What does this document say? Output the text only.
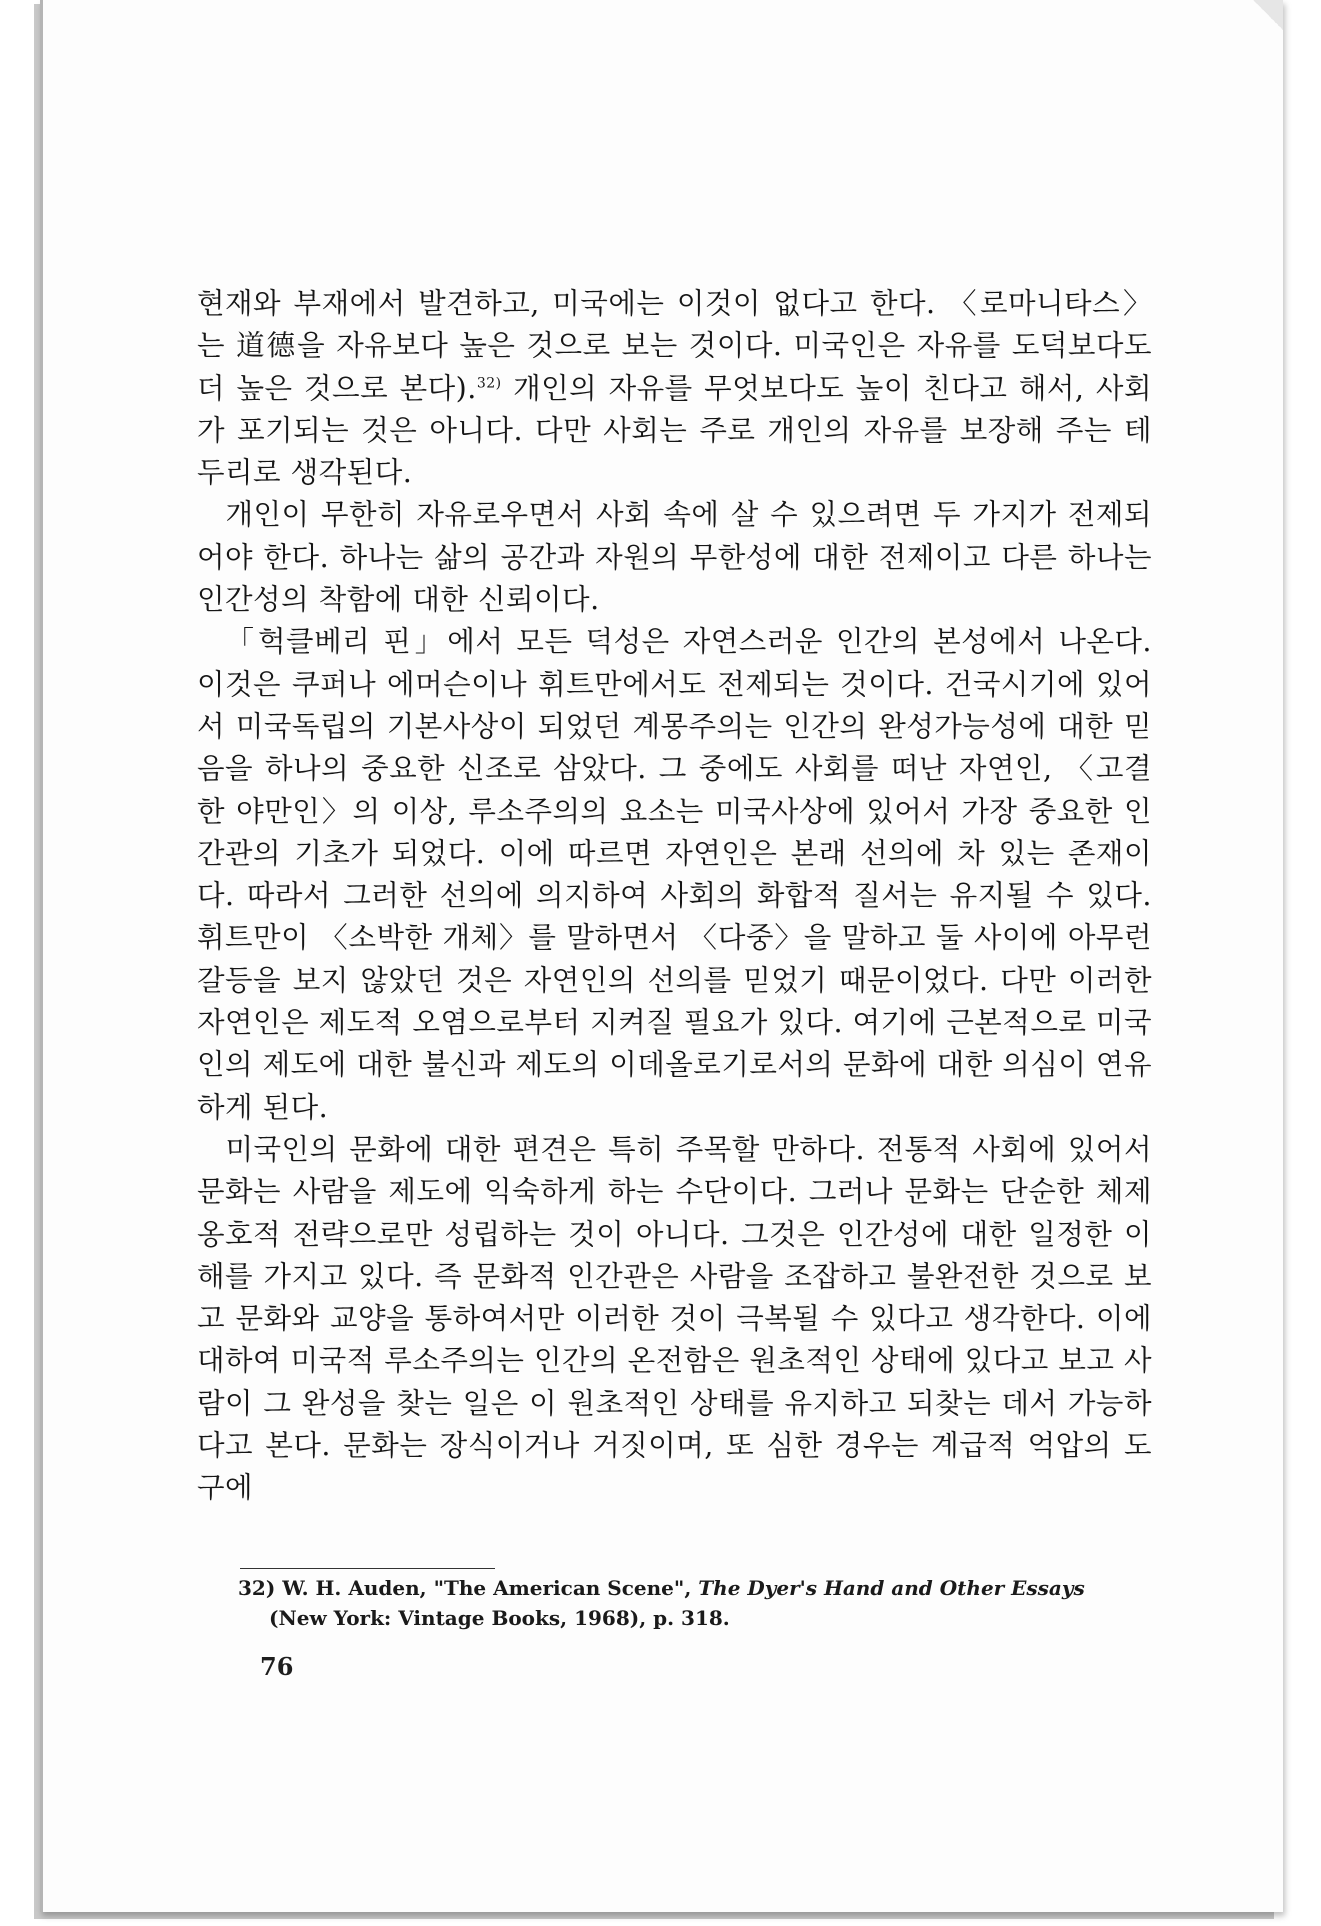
현재와 부재에서 발견하고, 미국에는 이것이 없다고 한다. 〈로마니타스〉는 道德을 자유보다 높은 것으로 보는 것이다. 미국인은 자유를 도덕보다도 더 높은 것으로 본다).$^{32)}$ 개인의 자유를 무엇보다도 높이 친다고 해서, 사회가 포기되는 것은 아니다. 다만 사회는 주로 개인의 자유를 보장해 주는 테두리로 생각된다.

개인이 무한히 자유로우면서 사회 속에 살 수 있으려면 두 가지가 전제되어야 한다. 하나는 삶의 공간과 자원의 무한성에 대한 전제이고 다른 하나는 인간성의 착함에 대한 신뢰이다.

「헉클베리 핀」에서 모든 덕성은 자연스러운 인간의 본성에서 나온다. 이것은 쿠퍼나 에머슨이나 휘트만에서도 전제되는 것이다. 건국시기에 있어서 미국독립의 기본사상이 되었던 계몽주의는 인간의 완성가능성에 대한 믿음을 하나의 중요한 신조로 삼았다. 그 중에도 사회를 떠난 자연인, 〈고결한 야만인〉의 이상, 루소주의의 요소는 미국사상에 있어서 가장 중요한 인간관의 기초가 되었다. 이에 따르면 자연인은 본래 선의에 차 있는 존재이다. 따라서 그러한 선의에 의지하여 사회의 화합적 질서는 유지될 수 있다. 휘트만이 〈소박한 개체〉를 말하면서 〈다중〉을 말하고 둘 사이에 아무런 갈등을 보지 않았던 것은 자연인의 선의를 믿었기 때문이었다. 다만 이러한 자연인은 제도적 오염으로부터 지켜질 필요가 있다. 여기에 근본적으로 미국인의 제도에 대한 불신과 제도의 이데올로기로서의 문화에 대한 의심이 연유하게 된다.

미국인의 문화에 대한 편견은 특히 주목할 만하다. 전통적 사회에 있어서 문화는 사람을 제도에 익숙하게 하는 수단이다. 그러나 문화는 단순한 체제 옹호적 전략으로만 성립하는 것이 아니다. 그것은 인간성에 대한 일정한 이해를 가지고 있다. 즉 문화적 인간관은 사람을 조잡하고 불완전한 것으로 보고 문화와 교양을 통하여서만 이러한 것이 극복될 수 있다고 생각한다. 이에 대하여 미국적 루소주의는 인간의 온전함은 원초적인 상태에 있다고 보고 사람이 그 완성을 찾는 일은 이 원초적인 상태를 유지하고 되찾는 데서 가능하다고 본다. 문화는 장식이거나 거짓이며, 또 심한 경우는 계급적 억압의 도구에

32) W. H. Auden, "The American Scene", The Dyer's Hand and Other Essays
(New York: Vintage Books, 1968), p. 318.
76
